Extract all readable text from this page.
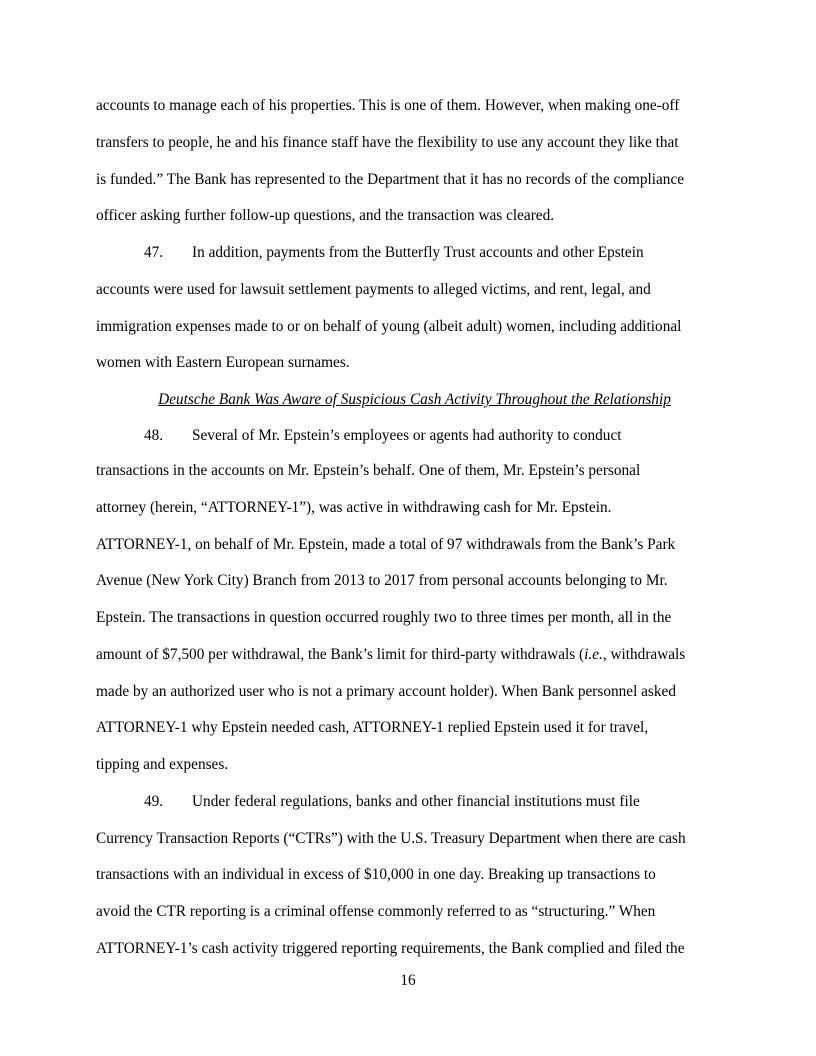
accounts to manage each of his properties. This is one of them. However, when making one-off
transfers to people, he and his finance staff have the flexibility to use any account they like that
is funded.” The Bank has represented to the Department that it has no records of the compliance
officer asking further follow-up questions, and the transaction was cleared.
47. In addition, payments from the Butterfly Trust accounts and other Epstein
accounts were used for lawsuit settlement payments to alleged victims, and rent, legal, and
immigration expenses made to or on behalf of young (albeit adult) women, including additional
women with Eastern European surnames.
Deutsche Bank Was Aware of Suspicious Cash Activity Throughout the Relationship
48. Several of Mr. Epstein’s employees or agents had authority to conduct
transactions in the accounts on Mr. Epstein’s behalf. One of them, Mr. Epstein’s personal
attorney (herein, “ATTORNEY-1”), was active in withdrawing cash for Mr. Epstein.
ATTORNEY-1, on behalf of Mr. Epstein, made a total of 97 withdrawals from the Bank’s Park
Avenue (New York City) Branch from 2013 to 2017 from personal accounts belonging to Mr.
Epstein. The transactions in question occurred roughly two to three times per month, all in the
amount of $7,500 per withdrawal, the Bank’s limit for third-party withdrawals (i.e., withdrawals
made by an authorized user who is not a primary account holder). When Bank personnel asked
ATTORNEY-1 why Epstein needed cash, ATTORNEY-1 replied Epstein used it for travel,
tipping and expenses.
49. Under federal regulations, banks and other financial institutions must file
Currency Transaction Reports (“CTRs”) with the U.S. Treasury Department when there are cash
transactions with an individual in excess of $10,000 in one day. Breaking up transactions to
avoid the CTR reporting is a criminal offense commonly referred to as “structuring.” When
ATTORNEY-1’s cash activity triggered reporting requirements, the Bank complied and filed the
16
